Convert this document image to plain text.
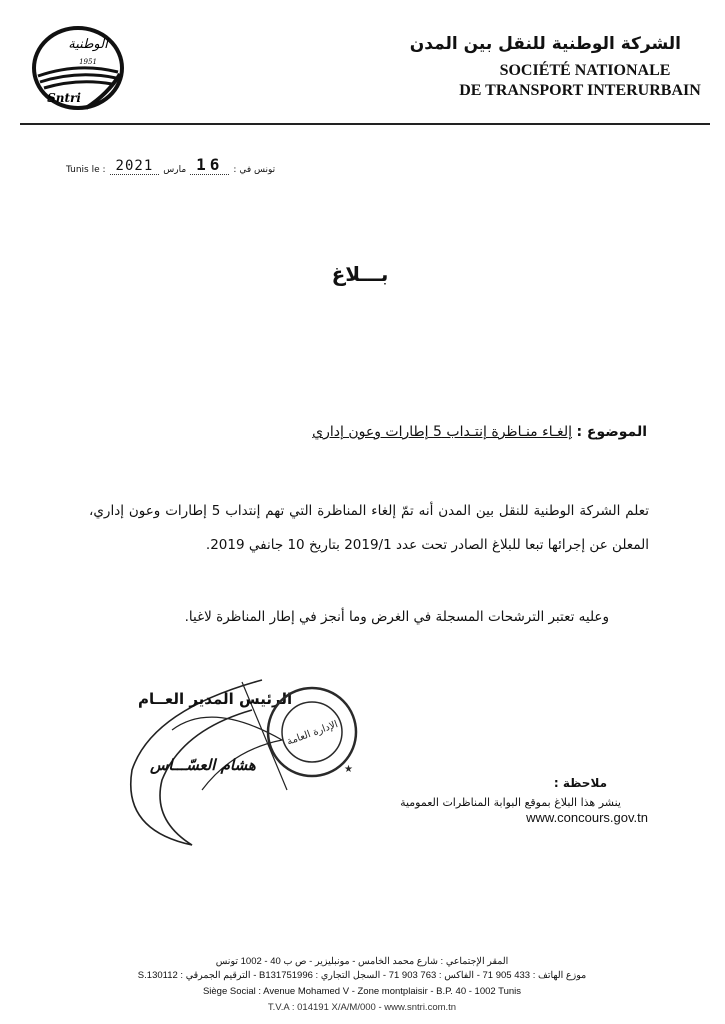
الوطنية
1951
Sntri
الشركة الوطنية للنقل بين المدن
SOCIÉTÉ NATIONALE
DE TRANSPORT INTERURBAIN
Tunis le : 2021	مارس 16	تونس في :
بـــلاغ
الموضوع : إلغـاء منـاظرة إنتـداب 5 إطارات وعون إداري
تعلم الشركة الوطنية للنقل بين المدن أنه تمّ إلغاء المناظرة التي تهم إنتداب 5 إطارات وعون إداري، المعلن عن إجرائها تبعا للبلاغ الصادر تحت عدد 2019/1 بتاريخ 10 جانفي 2019.
وعليه تعتبر الترشحات المسجلة في الغرض وما أنجز في إطار المناظرة لاغيا.
الرئيس المدير العــام
هشام العسّـــاس
الإدارة العامة
★
ملاحظة :
ينشر هذا البلاغ بموقع البوابة المناظرات العمومية
www.concours.gov.tn
المقر الإجتماعي : شارع محمد الخامس - مونبليزير - ص ب 40 - 1002 تونس
موزع الهاتف : 433 905 71 - الفاكس : 763 903 71 - السجل التجاري : B131751996 - الترقيم الجمرقي : 130112.S
Siège Social : Avenue Mohamed V - Zone montplaisir - B.P. 40 - 1002 Tunis
T.V.A : 014191 X/A/M/000 - www.sntri.com.tn
